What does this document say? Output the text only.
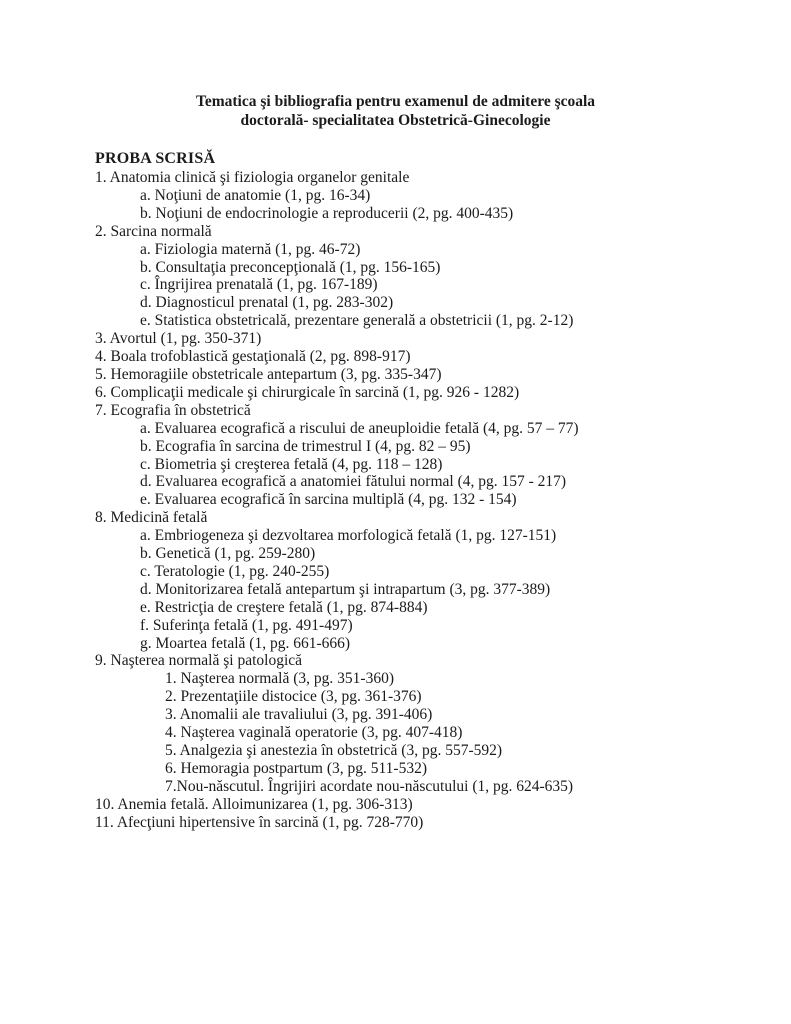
Tematica şi bibliografia pentru examenul de admitere şcoala
doctorală- specialitatea Obstetrică-Ginecologie
PROBA SCRISĂ
1. Anatomia clinică şi fiziologia organelor genitale
a. Noţiuni de anatomie (1, pg. 16-34)
b. Noţiuni de endocrinologie a reproducerii (2, pg. 400-435)
2. Sarcina normală
a. Fiziologia maternă (1, pg. 46-72)
b. Consultaţia preconcepţională (1, pg. 156-165)
c. Îngrijirea prenatală (1, pg. 167-189)
d. Diagnosticul prenatal (1, pg. 283-302)
e. Statistica obstetricală, prezentare generală a obstetricii (1, pg. 2-12)
3. Avortul (1, pg. 350-371)
4. Boala trofoblastică gestaţională (2, pg. 898-917)
5. Hemoragiile obstetricale antepartum (3, pg. 335-347)
6. Complicaţii medicale şi chirurgicale în sarcină (1, pg. 926 - 1282)
7. Ecografia în obstetrică
a. Evaluarea ecografică a riscului de aneuploidie fetală (4, pg. 57 – 77)
b. Ecografia în sarcina de trimestrul I (4, pg. 82 – 95)
c. Biometria şi creşterea fetală (4, pg. 118 – 128)
d. Evaluarea ecografică a anatomiei fătului normal (4, pg. 157 - 217)
e. Evaluarea ecografică în sarcina multiplă (4, pg. 132 - 154)
8. Medicină fetală
a. Embriogeneza şi dezvoltarea morfologică fetală (1, pg. 127-151)
b. Genetică (1, pg. 259-280)
c. Teratologie (1, pg. 240-255)
d. Monitorizarea fetală antepartum şi intrapartum (3, pg. 377-389)
e. Restricţia de creştere fetală (1, pg. 874-884)
f. Suferinţa fetală (1, pg. 491-497)
g. Moartea fetală (1, pg. 661-666)
9. Naşterea normală şi patologică
1. Naşterea normală (3, pg. 351-360)
2. Prezentaţiile distocice (3, pg. 361-376)
3. Anomalii ale travaliului (3, pg. 391-406)
4. Naşterea vaginală operatorie (3, pg. 407-418)
5. Analgezia şi anestezia în obstetrică (3, pg. 557-592)
6. Hemoragia postpartum (3, pg. 511-532)
7.Nou-născutul. Îngrijiri acordate nou-născutului (1, pg. 624-635)
10. Anemia fetală. Alloimunizarea (1, pg. 306-313)
11. Afecţiuni hipertensive în sarcină (1, pg. 728-770)
